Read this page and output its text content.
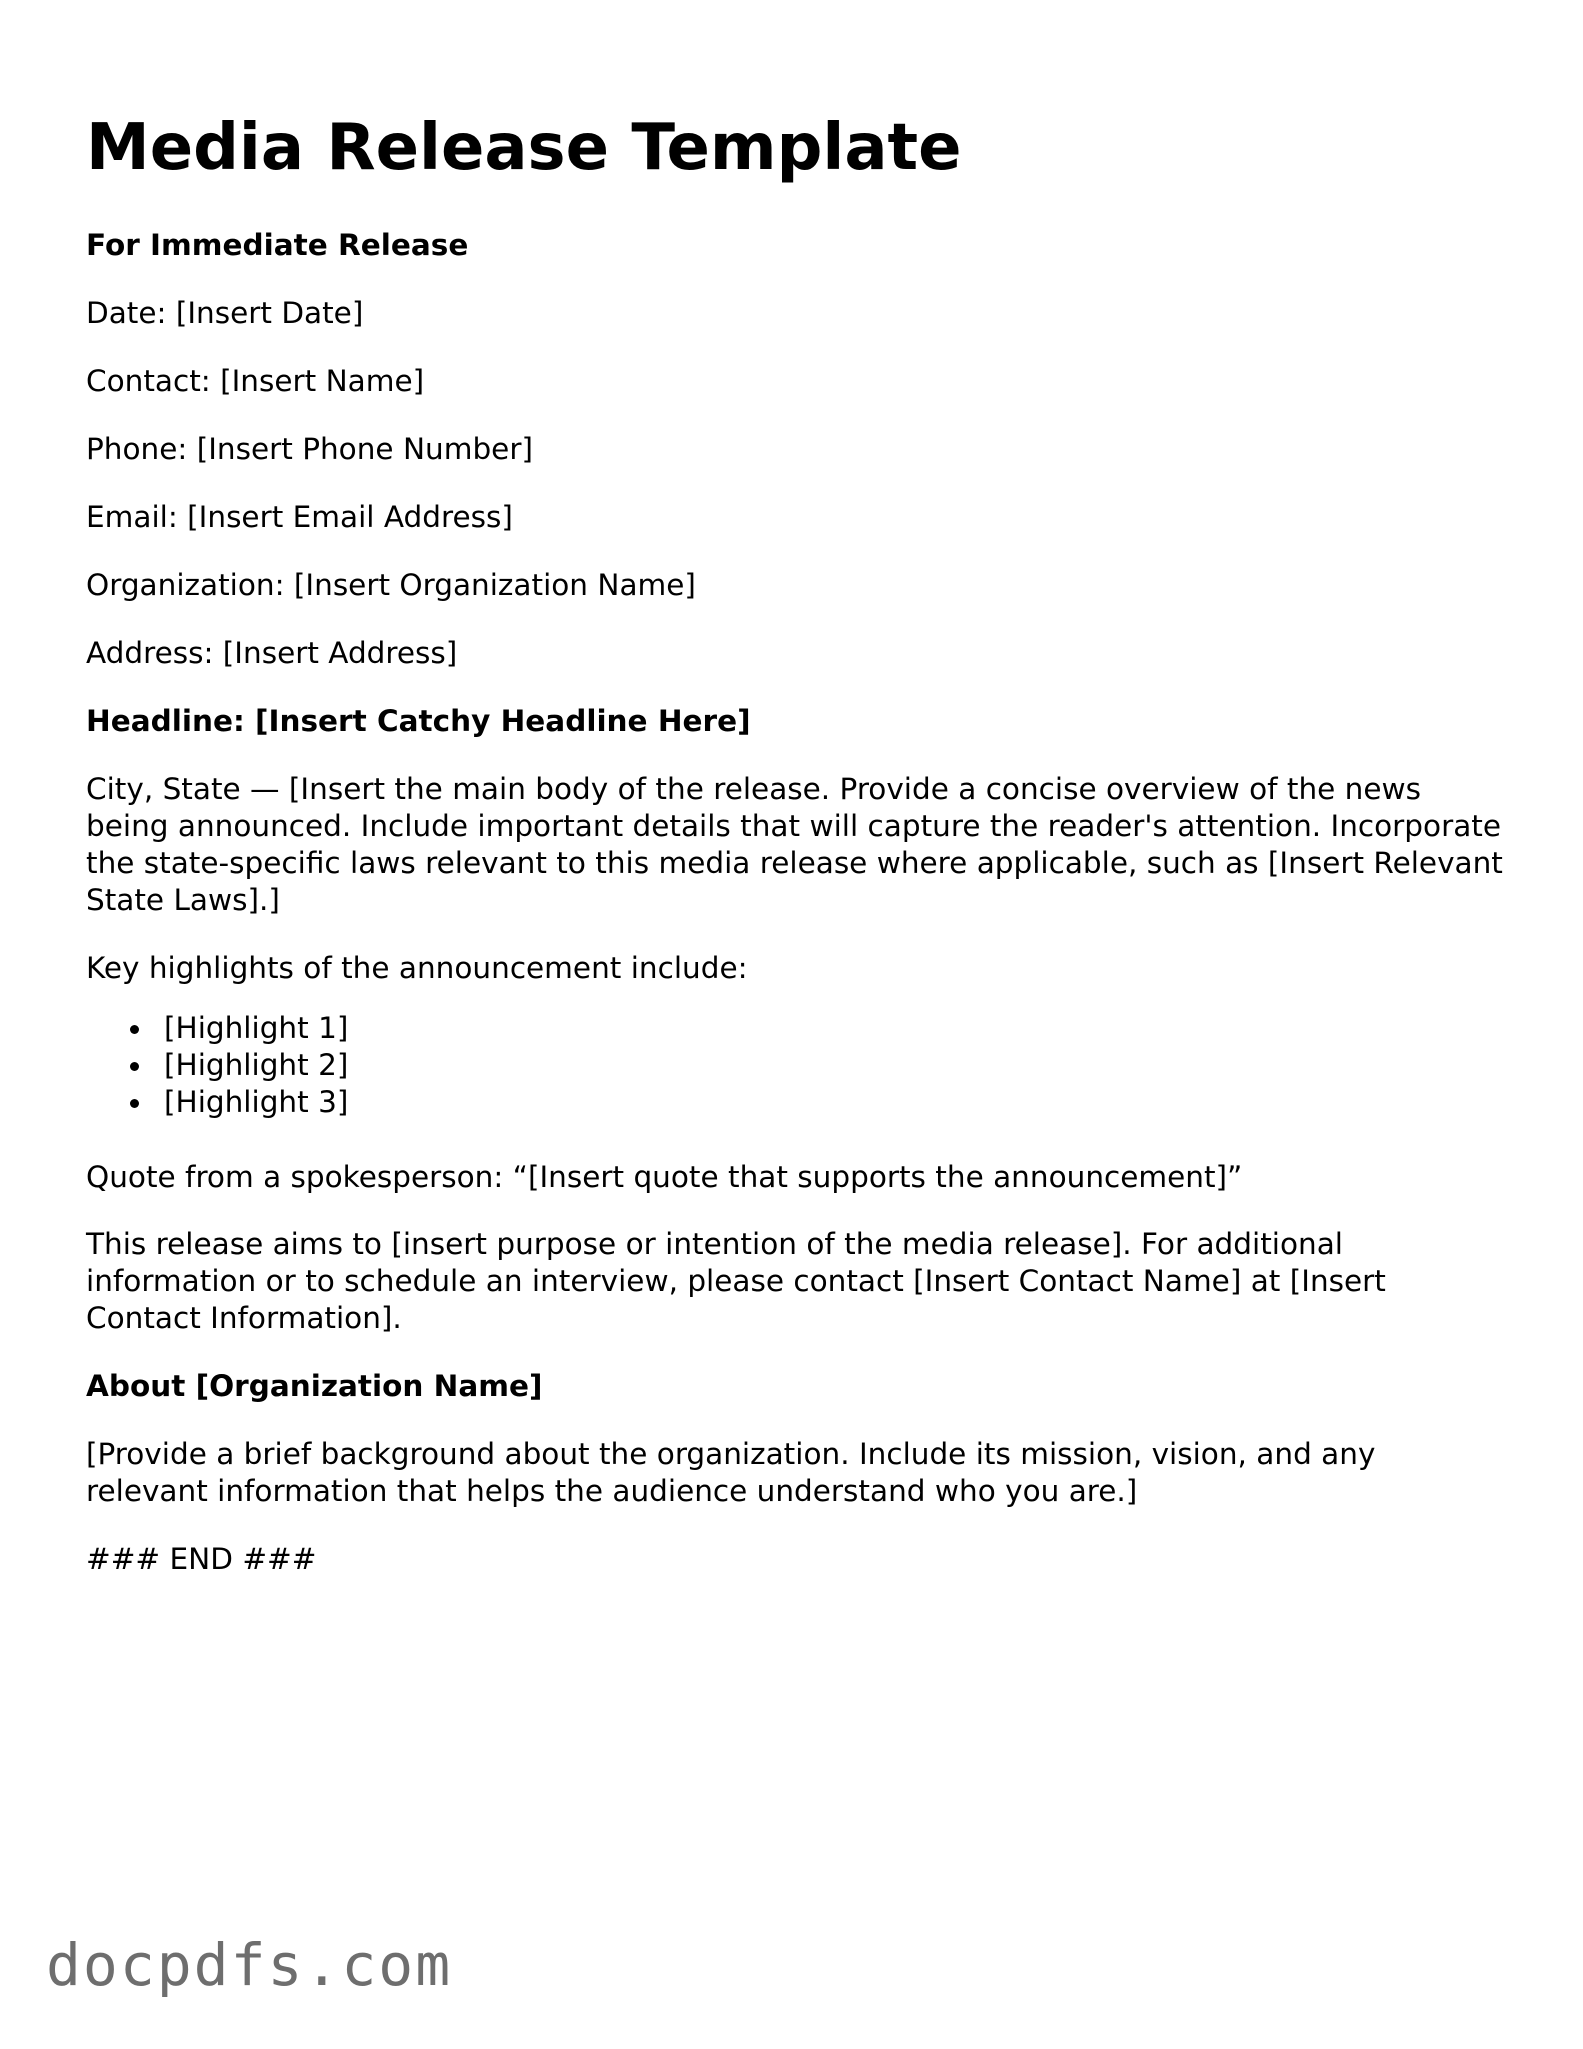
Media Release Template

For Immediate Release

Date: [Insert Date]

Contact: [Insert Name]

Phone: [Insert Phone Number]

Email: [Insert Email Address]

Organization: [Insert Organization Name]

Address: [Insert Address]

Headline: [Insert Catchy Headline Here]

City, State — [Insert the main body of the release. Provide a concise overview of the news being announced. Include important details that will capture the reader's attention. Incorporate the state-specific laws relevant to this media release where applicable, such as [Insert Relevant State Laws].]

Key highlights of the announcement include:

[Highlight 1]
[Highlight 2]
[Highlight 3]

Quote from a spokesperson: “[Insert quote that supports the announcement]”

This release aims to [insert purpose or intention of the media release]. For additional information or to schedule an interview, please contact [Insert Contact Name] at [Insert Contact Information].

About [Organization Name]

[Provide a brief background about the organization. Include its mission, vision, and any relevant information that helps the audience understand who you are.]

### END ###

docpdfs.com
